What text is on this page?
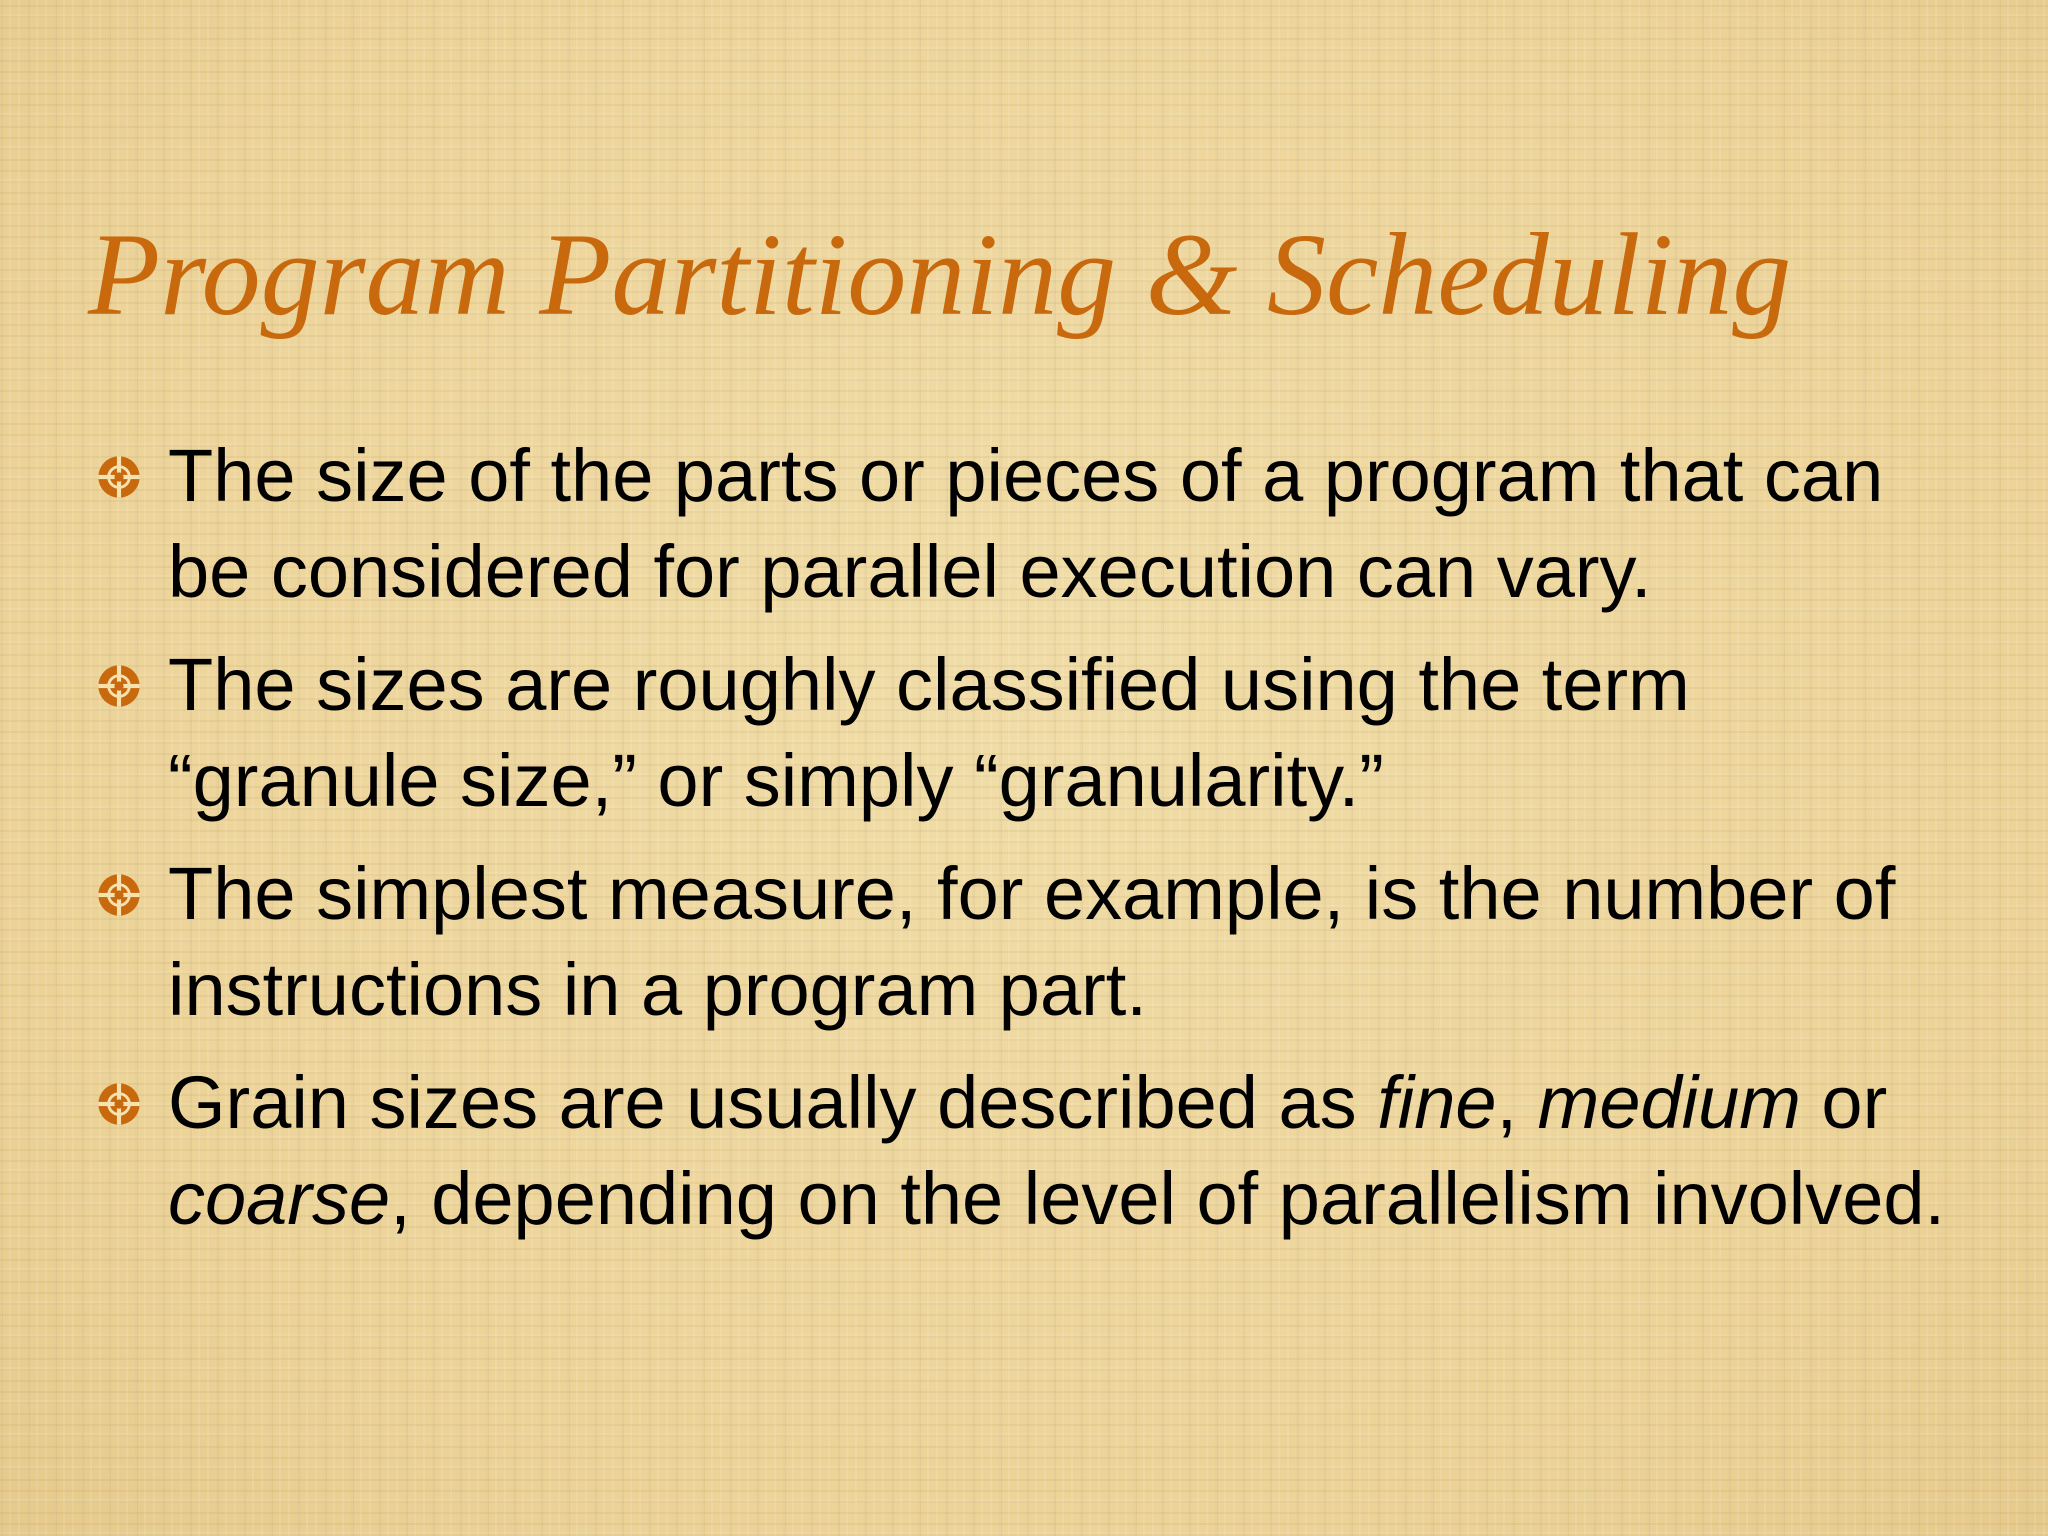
Program Partitioning & Scheduling
The size of the parts or pieces of a program that can be considered for parallel execution can vary.
The sizes are roughly classified using the term “granule size,” or simply “granularity.”
The simplest measure, for example, is the number of instructions in a program part.
Grain sizes are usually described as fine, medium or coarse, depending on the level of parallelism involved.
